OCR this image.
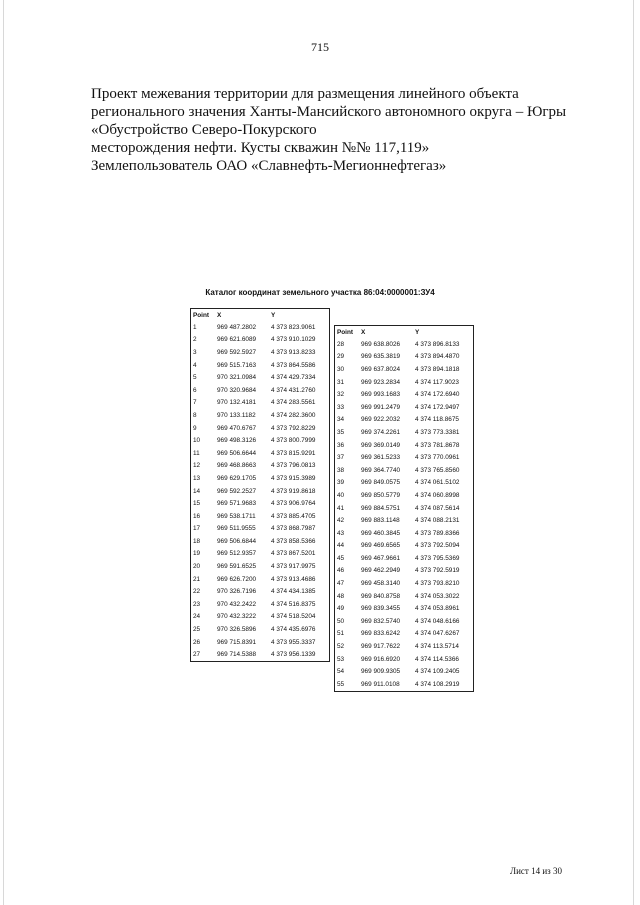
715
Проект межевания территории для размещения линейного объекта
регионального значения Ханты-Мансийского автономного округа – Югры
«Обустройство Северо-Покурского
месторождения нефти. Кусты скважин №№ 117,119»
Землепользователь ОАО «Славнефть-Мегионнефтегаз»
Каталог координат земельного участка 86:04:0000001:ЗУ4
Point	X	Y
1	969 487.2802	4 373 823.9061
2	969 621.6089	4 373 910.1029
3	969 592.5927	4 373 913.8233
4	969 515.7163	4 373 864.5586
5	970 321.0984	4 374 429.7334
6	970 320.9684	4 374 431.2760
7	970 132.4181	4 374 283.5561
8	970 133.1182	4 374 282.3600
9	969 470.6767	4 373 792.8229
10	969 498.3126	4 373 800.7999
11	969 506.6644	4 373 815.9291
12	969 468.8663	4 373 796.0813
13	969 629.1705	4 373 915.3989
14	969 592.2527	4 373 919.8618
15	969 571.9683	4 373 906.9764
16	969 538.1711	4 373 885.4705
17	969 511.9555	4 373 868.7987
18	969 506.6844	4 373 858.5366
19	969 512.9357	4 373 867.5201
20	969 591.6525	4 373 917.9975
21	969 626.7200	4 373 913.4686
22	970 326.7196	4 374 434.1385
23	970 432.2422	4 374 516.8375
24	970 432.3222	4 374 518.5204
25	970 326.5896	4 374 435.6976
26	969 715.8391	4 373 955.3337
27	969 714.5388	4 373 956.1339
Point	X	Y
28	969 638.8026	4 373 896.8133
29	969 635.3819	4 373 894.4870
30	969 637.8024	4 373 894.1818
31	969 923.2834	4 374 117.9023
32	969 993.1683	4 374 172.6940
33	969 991.2479	4 374 172.9497
34	969 922.2032	4 374 118.8675
35	969 374.2261	4 373 773.3381
36	969 369.0149	4 373 781.8678
37	969 361.5233	4 373 770.0961
38	969 364.7740	4 373 765.8560
39	969 849.0575	4 374 061.5102
40	969 850.5779	4 374 060.8998
41	969 884.5751	4 374 087.5614
42	969 883.1148	4 374 088.2131
43	969 460.3845	4 373 789.8366
44	969 469.6565	4 373 792.5094
45	969 467.9661	4 373 795.5369
46	969 462.2949	4 373 792.5919
47	969 458.3140	4 373 793.8210
48	969 840.8758	4 374 053.3022
49	969 839.3455	4 374 053.8961
50	969 832.5740	4 374 048.6166
51	969 833.6242	4 374 047.6267
52	969 917.7622	4 374 113.5714
53	969 916.6920	4 374 114.5366
54	969 909.9305	4 374 109.2405
55	969 911.0108	4 374 108.2919
Лист 14 из 30
